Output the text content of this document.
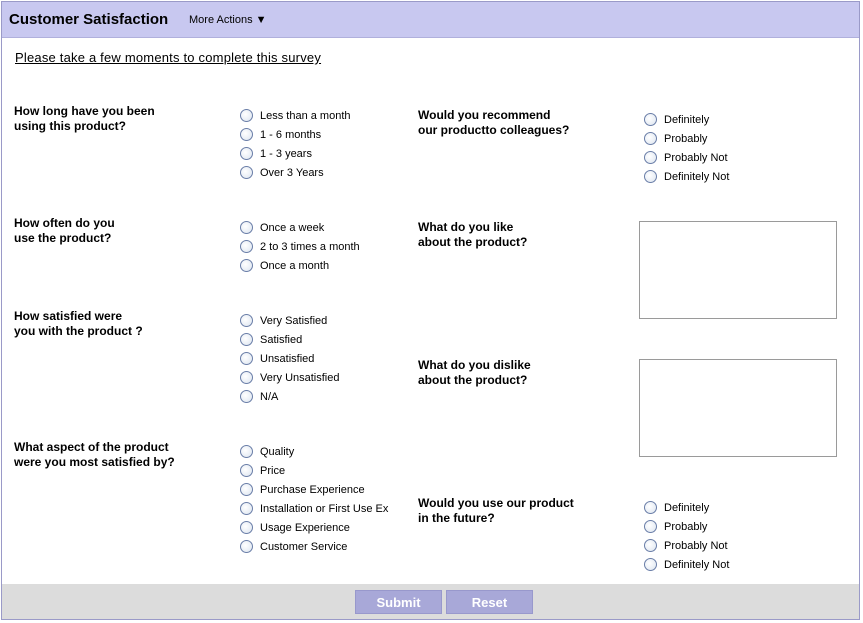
Customer Satisfaction More Actions ▼
Please take a few moments to complete this survey
How long have you been
using this product?
Less than a month
1 - 6 months
1 - 3 years
Over 3 Years
How often do you
use the product?
Once a week
2 to 3 times a month
Once a month
How satisfied were
you with the product ?
Very Satisfied
Satisfied
Unsatisfied
Very Unsatisfied
N/A
What aspect of the product
were you most satisfied by?
Quality
Price
Purchase Experience
Installation or First Use Ex
Usage Experience
Customer Service
Would you recommend
our productto colleagues?
Definitely
Probably
Probably Not
Definitely Not
What do you like
about the product?
What do you dislike
about the product?
Would you use our product
in the future?
Definitely
Probably
Probably Not
Definitely Not
Submit	Reset
